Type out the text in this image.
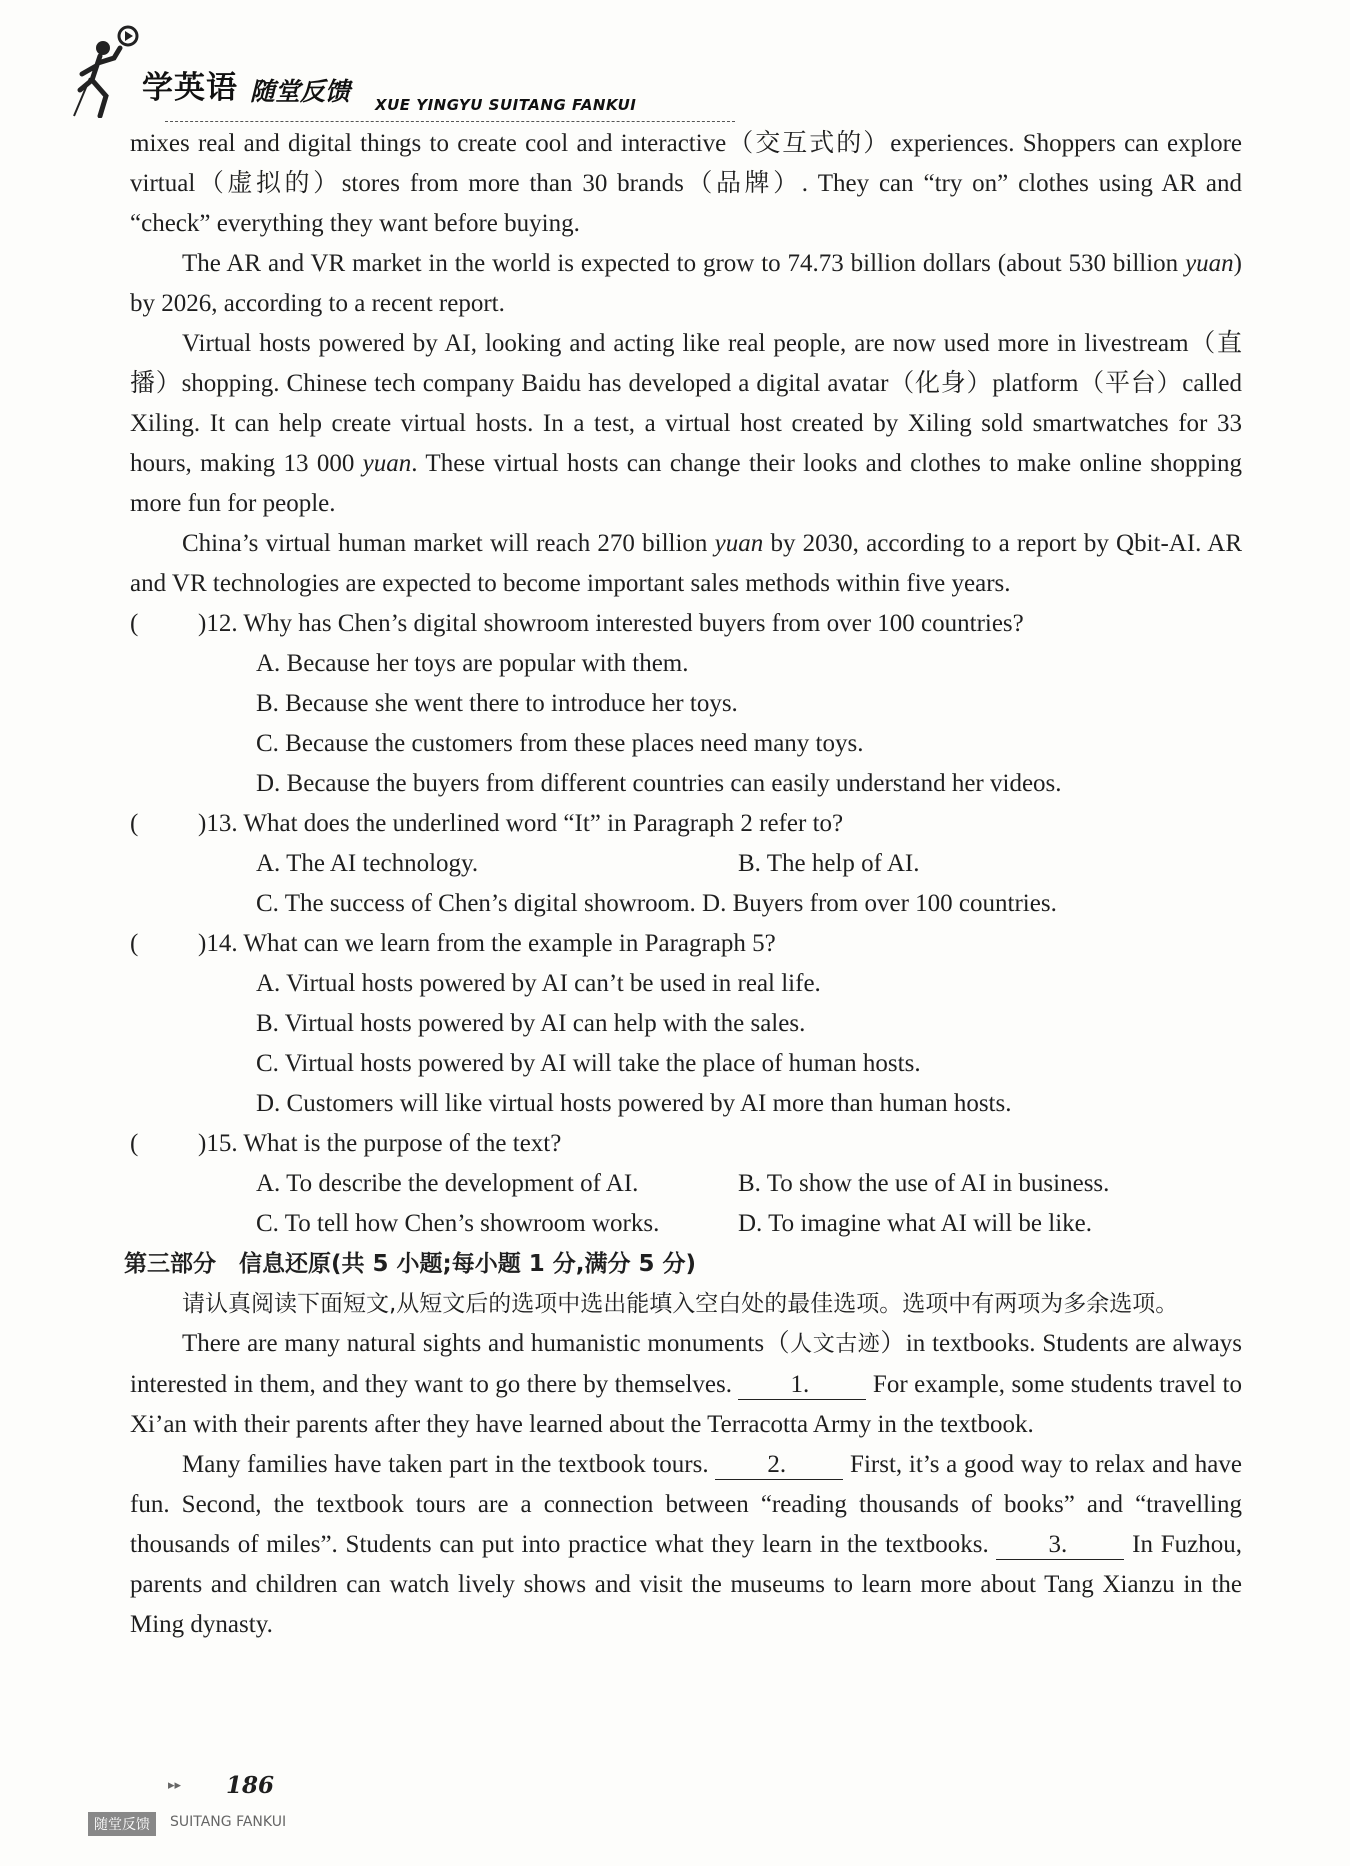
学英语 随堂反馈 XUE YINGYU SUITANG FANKUI

mixes real and digital things to create cool and interactive（交互式的）experiences. Shoppers can explore virtual（虚拟的）stores from more than 30 brands（品牌）. They can “try on” clothes using AR and “check” everything they want before buying.

The AR and VR market in the world is expected to grow to 74.73 billion dollars (about 530 billion yuan) by 2026, according to a recent report.

Virtual hosts powered by AI, looking and acting like real people, are now used more in livestream（直播）shopping. Chinese tech company Baidu has developed a digital avatar（化身）platform（平台）called Xiling. It can help create virtual hosts. In a test, a virtual host created by Xiling sold smartwatches for 33 hours, making 13 000 yuan. These virtual hosts can change their looks and clothes to make online shopping more fun for people.

China’s virtual human market will reach 270 billion yuan by 2030, according to a report by Qbit-AI. AR and VR technologies are expected to become important sales methods within five years.

( )12. Why has Chen’s digital showroom interested buyers from over 100 countries?

A. Because her toys are popular with them.

B. Because she went there to introduce her toys.

C. Because the customers from these places need many toys.

D. Because the buyers from different countries can easily understand her videos.

( )13. What does the underlined word “It” in Paragraph 2 refer to?

A. The AI technology.	B. The help of AI.

C. The success of Chen’s digital showroom. D. Buyers from over 100 countries.

( )14. What can we learn from the example in Paragraph 5?

A. Virtual hosts powered by AI can’t be used in real life.

B. Virtual hosts powered by AI can help with the sales.

C. Virtual hosts powered by AI will take the place of human hosts.

D. Customers will like virtual hosts powered by AI more than human hosts.

( )15. What is the purpose of the text?

A. To describe the development of AI.	B. To show the use of AI in business.
C. To tell how Chen’s showroom works.	D. To imagine what AI will be like.

第三部分　信息还原(共 5 小题;每小题 1 分,满分 5 分)

请认真阅读下面短文,从短文后的选项中选出能填入空白处的最佳选项。选项中有两项为多余选项。

There are many natural sights and humanistic monuments（人文古迹）in textbooks. Students are always interested in them, and they want to go there by themselves. 1. For example, some students travel to Xi’an with their parents after they have learned about the Terracotta Army in the textbook.

Many families have taken part in the textbook tours. 2. First, it’s a good way to relax and have fun. Second, the textbook tours are a connection between “reading thousands of books” and “travelling thousands of miles”. Students can put into practice what they learn in the textbooks. 3. In Fuzhou, parents and children can watch lively shows and visit the museums to learn more about Tang Xianzu in the Ming dynasty.

▸▸ 186
随堂反馈	SUITANG FANKUI
